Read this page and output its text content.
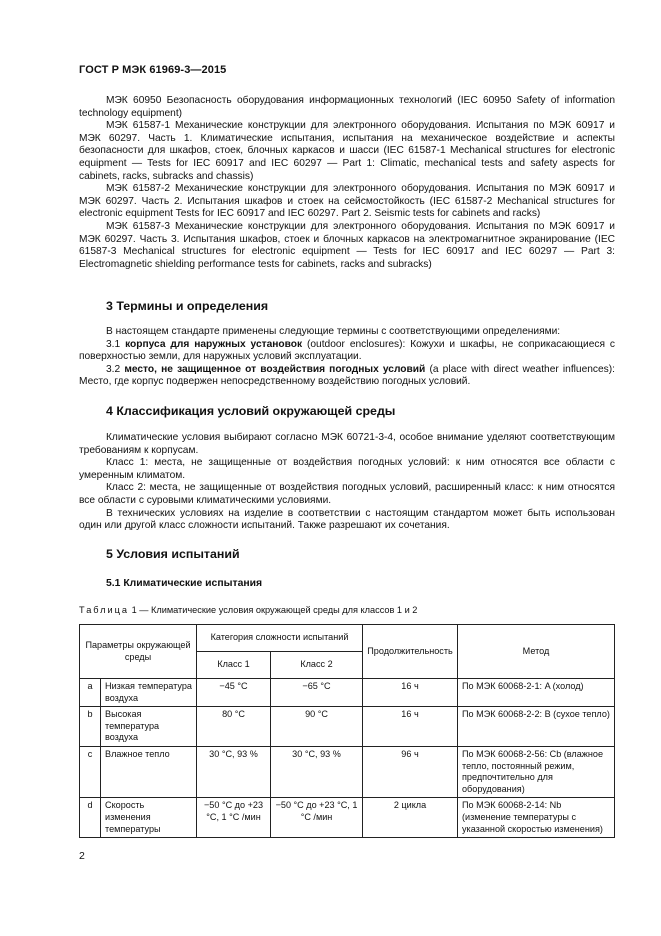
ГОСТ Р МЭК 61969-3—2015

МЭК 60950 Безопасность оборудования информационных технологий (IEC 60950 Safety of information technology equipment)

МЭК 61587-1 Механические конструкции для электронного оборудования. Испытания по МЭК 60917 и МЭК 60297. Часть 1. Климатические испытания, испытания на механическое воздействие и аспекты безопасности для шкафов, стоек, блочных каркасов и шасси (IEC 61587-1 Mechanical structures for electronic equipment — Tests for IEC 60917 and IEC 60297 — Part 1: Climatic, mechanical tests and safety aspects for cabinets, racks, subracks and chassis)

МЭК 61587-2 Механические конструкции для электронного оборудования. Испытания по МЭК 60917 и МЭК 60297. Часть 2. Испытания шкафов и стоек на сейсмостойкость (IEC 61587-2 Mechanical structures for electronic equipment Tests for IEC 60917 and IEC 60297. Part 2. Seismic tests for cabinets and racks)

МЭК 61587-3 Механические конструкции для электронного оборудования. Испытания по МЭК 60917 и МЭК 60297. Часть 3. Испытания шкафов, стоек и блочных каркасов на электромагнитное экранирование (IEC 61587-3 Mechanical structures for electronic equipment — Tests for IEC 60917 and IEC 60297 — Part 3: Electromagnetic shielding performance tests for cabinets, racks and subracks)

3 Термины и определения

В настоящем стандарте применены следующие термины с соответствующими определениями:

3.1 корпуса для наружных установок (outdoor enclosures): Кожухи и шкафы, не соприкасающиеся с поверхностью земли, для наружных условий эксплуатации.

3.2 место, не защищенное от воздействия погодных условий (a place with direct weather influences): Место, где корпус подвержен непосредственному воздействию погодных условий.

4 Классификация условий окружающей среды

Климатические условия выбирают согласно МЭК 60721-3-4, особое внимание уделяют соответствующим требованиям к корпусам.

Класс 1: места, не защищенные от воздействия погодных условий: к ним относятся все области с умеренным климатом.

Класс 2: места, не защищенные от воздействия погодных условий, расширенный класс: к ним относятся все области с суровыми климатическими условиями.

В технических условиях на изделие в соответствии с настоящим стандартом может быть использован один или другой класс сложности испытаний. Также разрешают их сочетания.

5 Условия испытаний
5.1 Климатические испытания
Таблица 1 — Климатические условия окружающей среды для классов 1 и 2
Параметры окружающей среды		Категория сложности испытаний		Продолжительность	Метод
		Класс 1	Класс 2		
a	Низкая температура воздуха	−45 °C	−65 °C	16 ч	По МЭК 60068-2-1: A (холод)
b	Высокая температура воздуха	80 °C	90 °C	16 ч	По МЭК 60068-2-2: B (сухое тепло)
c	Влажное тепло	30 °C, 93 %	30 °C, 93 %	96 ч	По МЭК 60068-2-56: Cb (влажное тепло, постоянный режим, предпочтительно для оборудования)
d	Скорость изменения температуры	−50 °C до +23 °C, 1 °C /мин	−50 °C до +23 °C, 1 °C /мин	2 цикла	По МЭК 60068-2-14: Nb (изменение температуры с указанной скоростью изменения)
2
